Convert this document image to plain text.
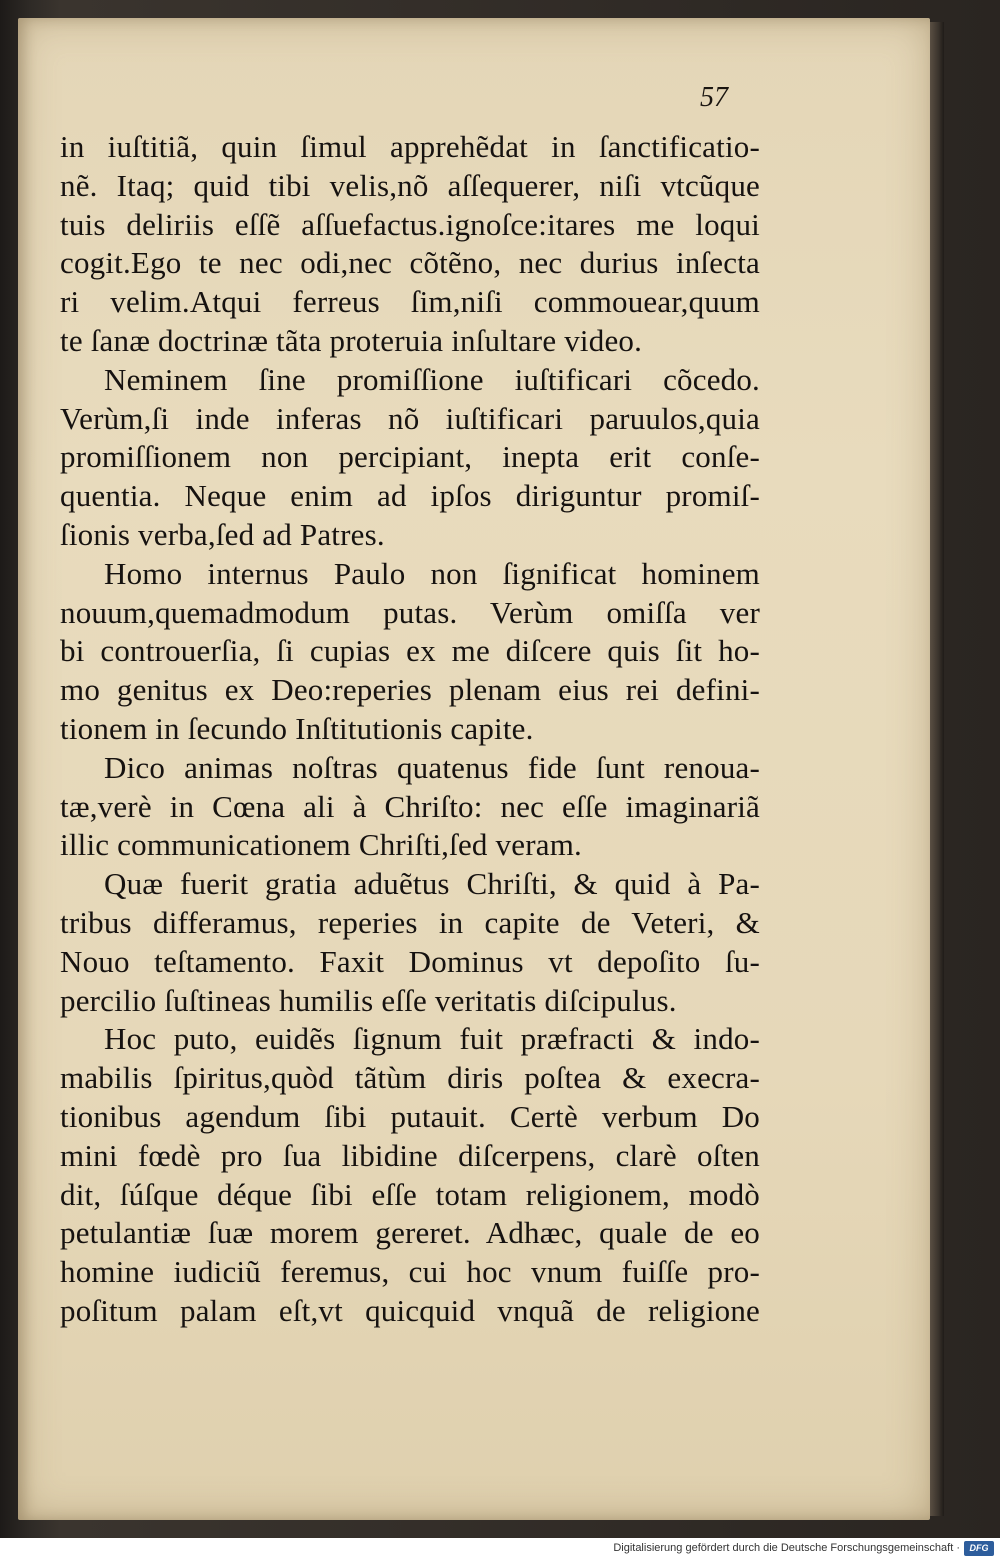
57
in iuſtitiã, quin ſimul apprehẽdat in ſanctificatio-
nẽ. Itaq; quid tibi velis,nõ aſſequerer, niſi vtcũque
tuis deliriis eſſẽ aſſuefactus.ignoſce:itares me loqui
cogit.Ego te nec odi,nec cõtẽno, nec durius inſecta
ri velim.Atqui ferreus ſim,niſi commouear,quum
te ſanæ doctrinæ tãta proteruia inſultare video.
Neminem ſine promiſſione iuſtificari cõcedo.
Verùm,ſi inde inferas nõ iuſtificari paruulos,quia
promiſſionem non percipiant, inepta erit conſe-
quentia. Neque enim ad ipſos diriguntur promiſ-
ſionis verba,ſed ad Patres.
Homo internus Paulo non ſignificat hominem
nouum,quemadmodum putas. Verùm omiſſa ver
bi controuerſia, ſi cupias ex me diſcere quis ſit ho-
mo genitus ex Deo:reperies plenam eius rei defini-
tionem in ſecundo Inſtitutionis capite.
Dico animas noſtras quatenus fide ſunt renoua-
tæ,verè in Cœna ali à Chriſto: nec eſſe imaginariã
illic communicationem Chriſti,ſed veram.
Quæ fuerit gratia aduẽtus Chriſti, & quid à Pa-
tribus differamus, reperies in capite de Veteri, &
Nouo teſtamento. Faxit Dominus vt depoſito ſu-
percilio ſuſtineas humilis eſſe veritatis diſcipulus.
Hoc puto, euidẽs ſignum fuit præfracti & indo-
mabilis ſpiritus,quòd tãtùm diris poſtea & execra-
tionibus agendum ſibi putauit. Certè verbum Do
mini fœdè pro ſua libidine diſcerpens, clarè oſten
dit, ſúſque déque ſibi eſſe totam religionem, modò
petulantiæ ſuæ morem gereret. Adhæc, quale de eo
homine iudiciũ feremus, cui hoc vnum fuiſſe pro-
poſitum palam eſt,vt quicquid vnquã de religione
Digitalisierung gefördert durch die Deutsche Forschungsgemeinschaft ·	DFG
